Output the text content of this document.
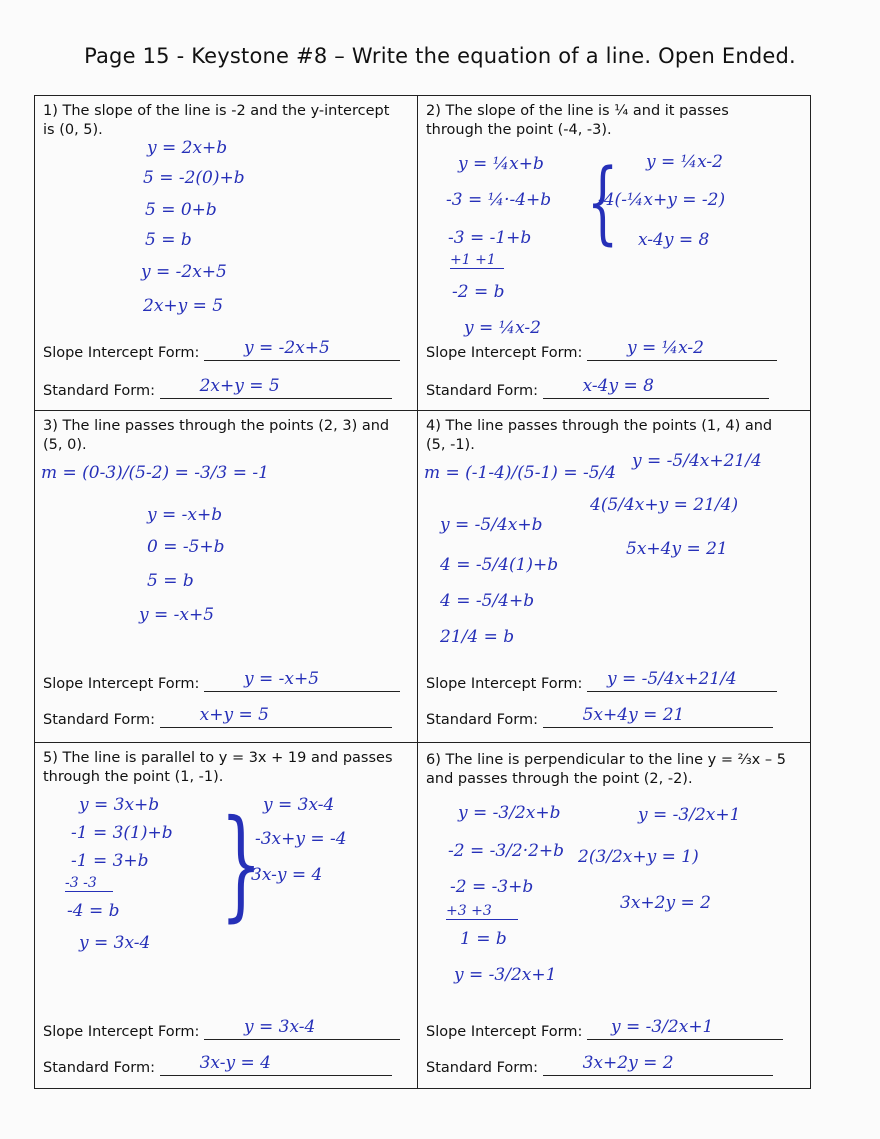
Page 15 - Keystone #8 – Write the equation of a line. Open Ended.
1) The slope of the line is -2 and the y-intercept
is (0, 5).
y = 2x+b
5 = -2(0)+b
5 = 0+b
5 = b
y = -2x+5
2x+y = 5
Slope Intercept Form:	y = -2x+5
Standard Form:	2x+y = 5
2) The slope of the line is ¼ and it passes
through the point (-4, -3).
y = ¼x+b
-3 = ¼·-4+b
-3 = -1+b
+1 +1
-2 = b
y = ¼x-2
{ y = ¼x-2
-4(-¼x+y = -2)
x-4y = 8
Slope Intercept Form:	y = ¼x-2
Standard Form:	x-4y = 8
3) The line passes through the points (2, 3) and
(5, 0).
m = (0-3)/(5-2) = -3/3 = -1
y = -x+b
0 = -5+b
5 = b
y = -x+5
Slope Intercept Form:	y = -x+5
Standard Form:	x+y = 5
4) The line passes through the points (1, 4) and
(5, -1).
m = (-1-4)/(5-1) = -5/4
y = -5/4x+b
4 = -5/4(1)+b
4 = -5/4+b
21/4 = b
y = -5/4x+21/4
4(5/4x+y = 21/4)
5x+4y = 21
Slope Intercept Form: y = -5/4x+21/4
Standard Form:	5x+4y = 21
5) The line is parallel to y = 3x + 19 and passes
through the point (1, -1).
y = 3x+b
-1 = 3(1)+b
-1 = 3+b
-3 -3
-4 = b
y = 3x-4
} y = 3x-4
-3x+y = -4
3x-y = 4
Slope Intercept Form:	y = 3x-4
Standard Form:	3x-y = 4
6) The line is perpendicular to the line y = ⅔x – 5
and passes through the point (2, -2).
y = -3/2x+b
-2 = -3/2·2+b
-2 = -3+b
+3 +3
1 = b
y = -3/2x+1
y = -3/2x+1
2(3/2x+y = 1)
3x+2y = 2
Slope Intercept Form: y = -3/2x+1
Standard Form:	3x+2y = 2
